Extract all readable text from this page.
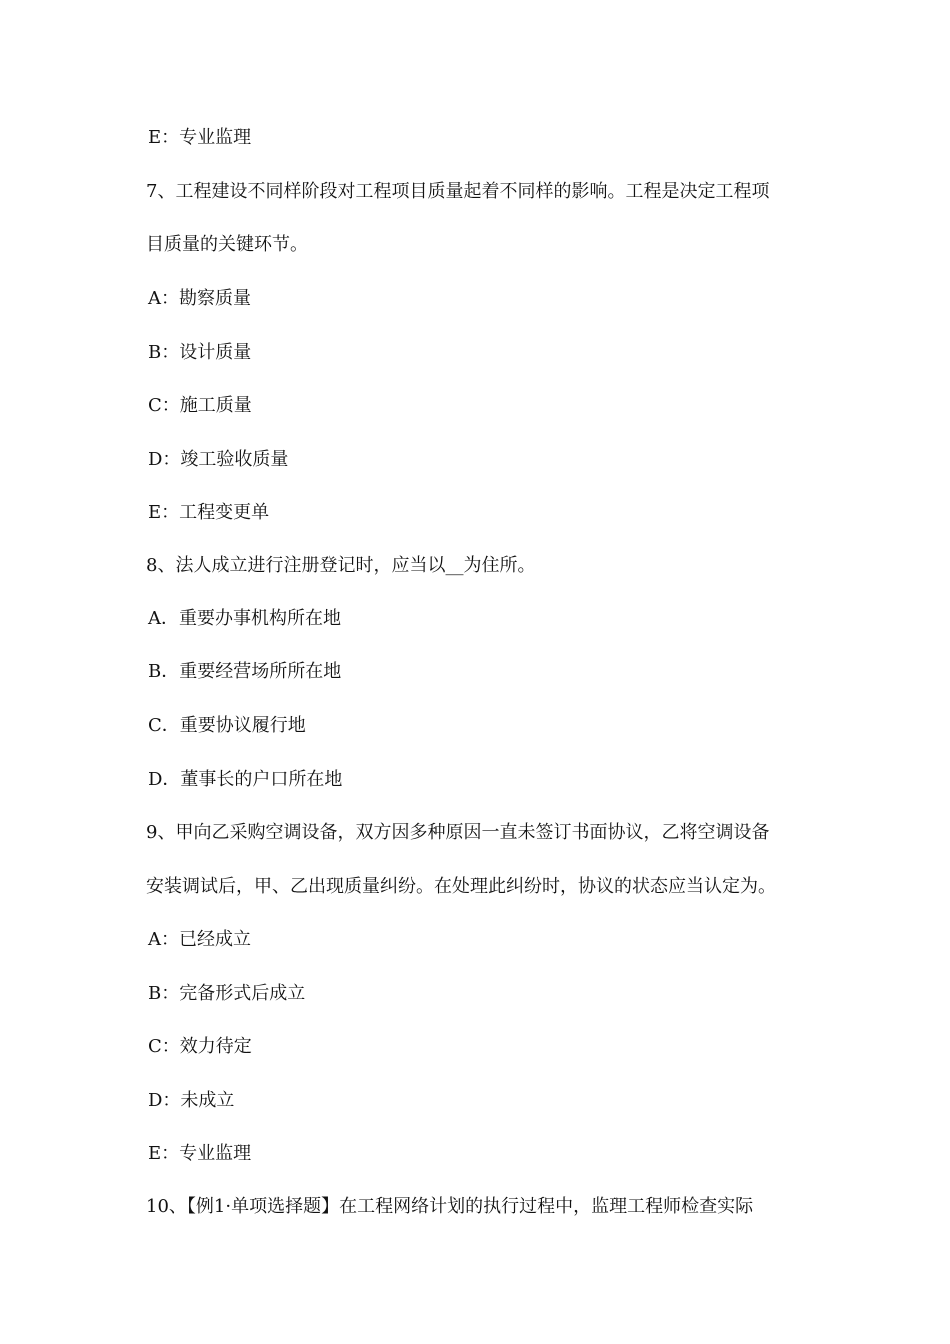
E：专业监理
7、工程建设不同样阶段对工程项目质量起着不同样的影响。工程是决定工程项
目质量的关键环节。
A：勘察质量
B：设计质量
C：施工质量
D：竣工验收质量
E：工程变更单
8、法人成立进行注册登记时，应当以__为住所。
A．重要办事机构所在地
B．重要经营场所所在地
C．重要协议履行地
D．董事长的户口所在地
9、甲向乙采购空调设备，双方因多种原因一直未签订书面协议，乙将空调设备
安装调试后，甲、乙出现质量纠纷。在处理此纠纷时，协议的状态应当认定为。
A：已经成立
B：完备形式后成立
C：效力待定
D：未成立
E：专业监理
10、【例1·单项选择题】在工程网络计划的执行过程中，监理工程师检查实际
